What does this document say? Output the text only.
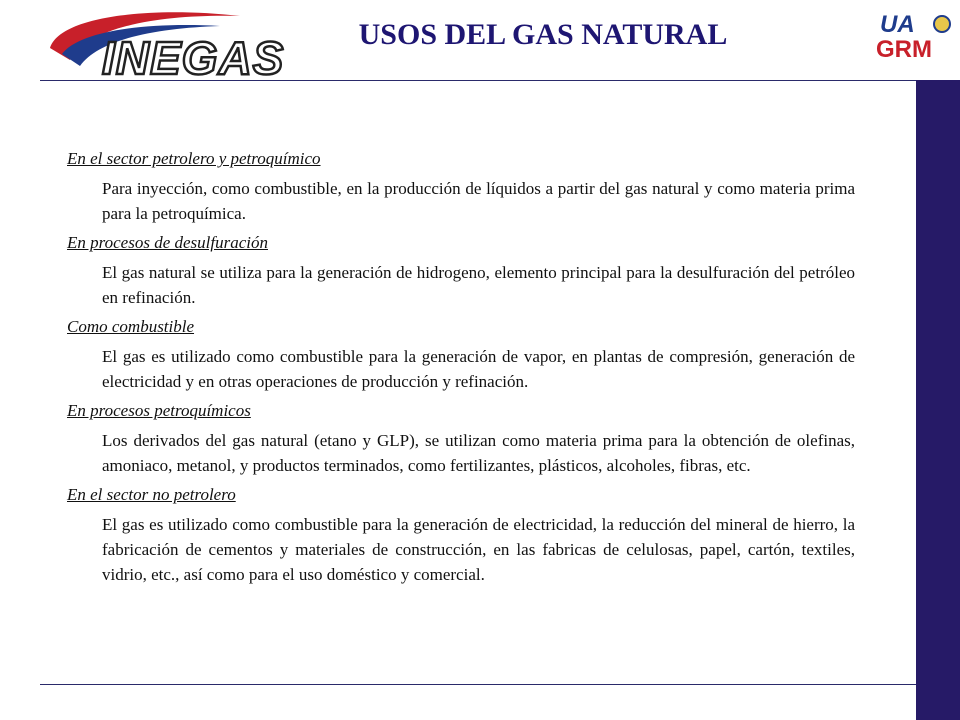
INEGAS	USOS DEL GAS NATURAL	UA
GRM
En el sector petrolero y petroquímico
Para inyección, como combustible, en la producción de líquidos a partir del gas natural y como materia prima para la petroquímica.
En procesos de desulfuración
El gas natural se utiliza para la generación de hidrogeno, elemento principal para la desulfuración del petróleo en refinación.
Como combustible
El gas es utilizado como combustible para la generación de vapor, en plantas de compresión, generación de electricidad y en otras operaciones de producción y refinación.
En procesos petroquímicos
Los derivados del gas natural (etano y GLP), se utilizan como materia prima para la obtención de olefinas, amoniaco, metanol, y productos terminados, como fertilizantes, plásticos, alcoholes, fibras, etc.
En el sector no petrolero
El gas es utilizado como combustible para la generación de electricidad, la reducción del mineral de hierro, la fabricación de cementos y materiales de construcción, en las fabricas de celulosas, papel, cartón, textiles, vidrio, etc., así como para el uso doméstico y comercial.
